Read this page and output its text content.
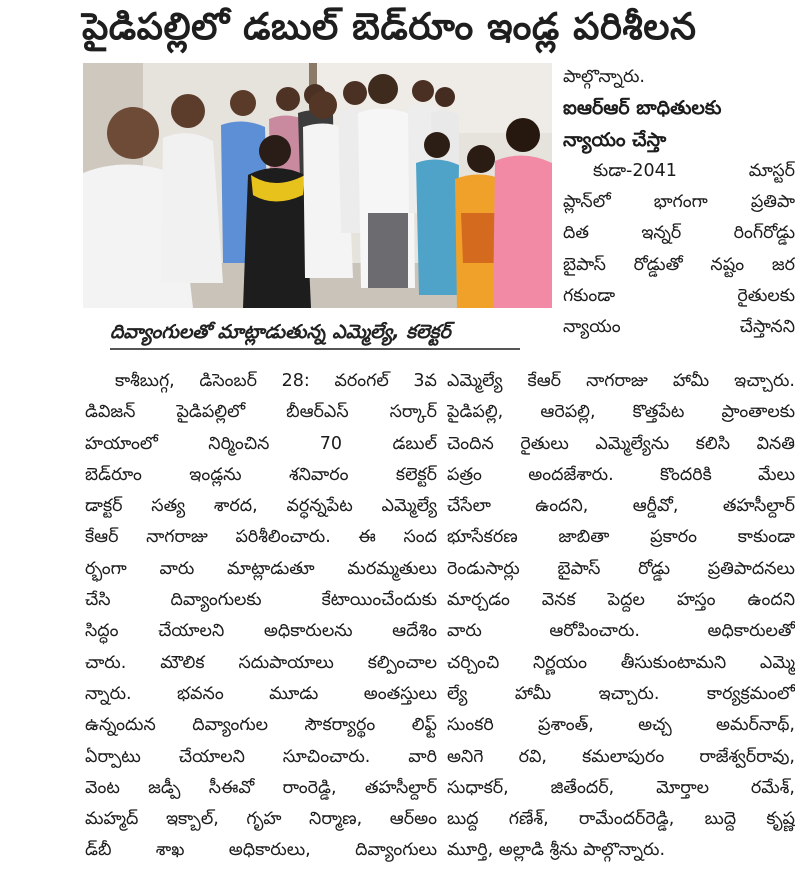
పైడిపల్లిలో డబుల్ బెడ్‌రూం ఇండ్ల పరిశీలన
దివ్యాంగులతో మాట్లాడుతున్న ఎమ్మెల్యే, కలెక్టర్
పాల్గొన్నారు.
ఐఆర్ఆర్ బాధితులకు
న్యాయం చేస్తా
కుడా-2041 మాస్టర్
ప్లాన్‌లో భాగంగా ప్రతిపా
దిత ఇన్నర్ రింగ్‌రోడ్డు
బైపాస్ రోడ్డుతో నష్టం జర
గకుండా రైతులకు
న్యాయం చేస్తానని
కాశీబుగ్గ, డిసెంబర్ 28: వరంగల్ 3వ
డివిజన్ పైడిపల్లిలో బీఆర్ఎస్ సర్కార్
హయాంలో నిర్మించిన 70 డబుల్
బెడ్‌రూం ఇండ్లను శనివారం కలెక్టర్
డాక్టర్ సత్య శారద, వర్ధన్నపేట ఎమ్మెల్యే
కేఆర్ నాగరాజు పరిశీలించారు. ఈ సంద
ర్భంగా వారు మాట్లాడుతూ మరమ్మతులు
చేసి దివ్యాంగులకు కేటాయించేందుకు
సిద్ధం చేయాలని అధికారులను ఆదేశిం
చారు. మౌలిక సదుపాయాలు కల్పించాల
న్నారు. భవనం మూడు అంతస్తులు
ఉన్నందున దివ్యాంగుల సౌకర్యార్థం లిఫ్ట్
ఏర్పాటు చేయాలని సూచించారు. వారి
వెంట జడ్పీ సీఈవో రాంరెడ్డి, తహసీల్దార్
మహ్మద్ ఇక్బాల్, గృహ నిర్మాణ, ఆర్అం
డ్‌బీ శాఖ అధికారులు, దివ్యాంగులు
ఎమ్మెల్యే కేఆర్ నాగరాజు హామీ ఇచ్చారు.
పైడిపల్లి, ఆరెపల్లి, కొత్తపేట ప్రాంతాలకు
చెందిన రైతులు ఎమ్మెల్యేను కలిసి వినతి
పత్రం అందజేశారు. కొందరికి మేలు
చేసేలా ఉందని, ఆర్డీవో, తహసీల్దార్
భూసేకరణ జాబితా ప్రకారం కాకుండా
రెండుసార్లు బైపాస్ రోడ్డు ప్రతిపాదనలు
మార్చడం వెనక పెద్దల హస్తం ఉందని
వారు ఆరోపించారు. అధికారులతో
చర్చించి నిర్ణయం తీసుకుంటామని ఎమ్మె
ల్యే హామీ ఇచ్చారు. కార్యక్రమంలో
సుంకరి ప్రశాంత్, అచ్చ అమర్‌నాథ్,
అనిగె రవి, కమలాపురం రాజేశ్వర్‌రావు,
సుధాకర్, జితేందర్, మోర్తాల రమేశ్,
బుద్ద గణేశ్, రామేందర్‌రెడ్డి, బుద్దె కృష్ణ
మూర్తి, అల్లాడి శ్రీను పాల్గొన్నారు.
